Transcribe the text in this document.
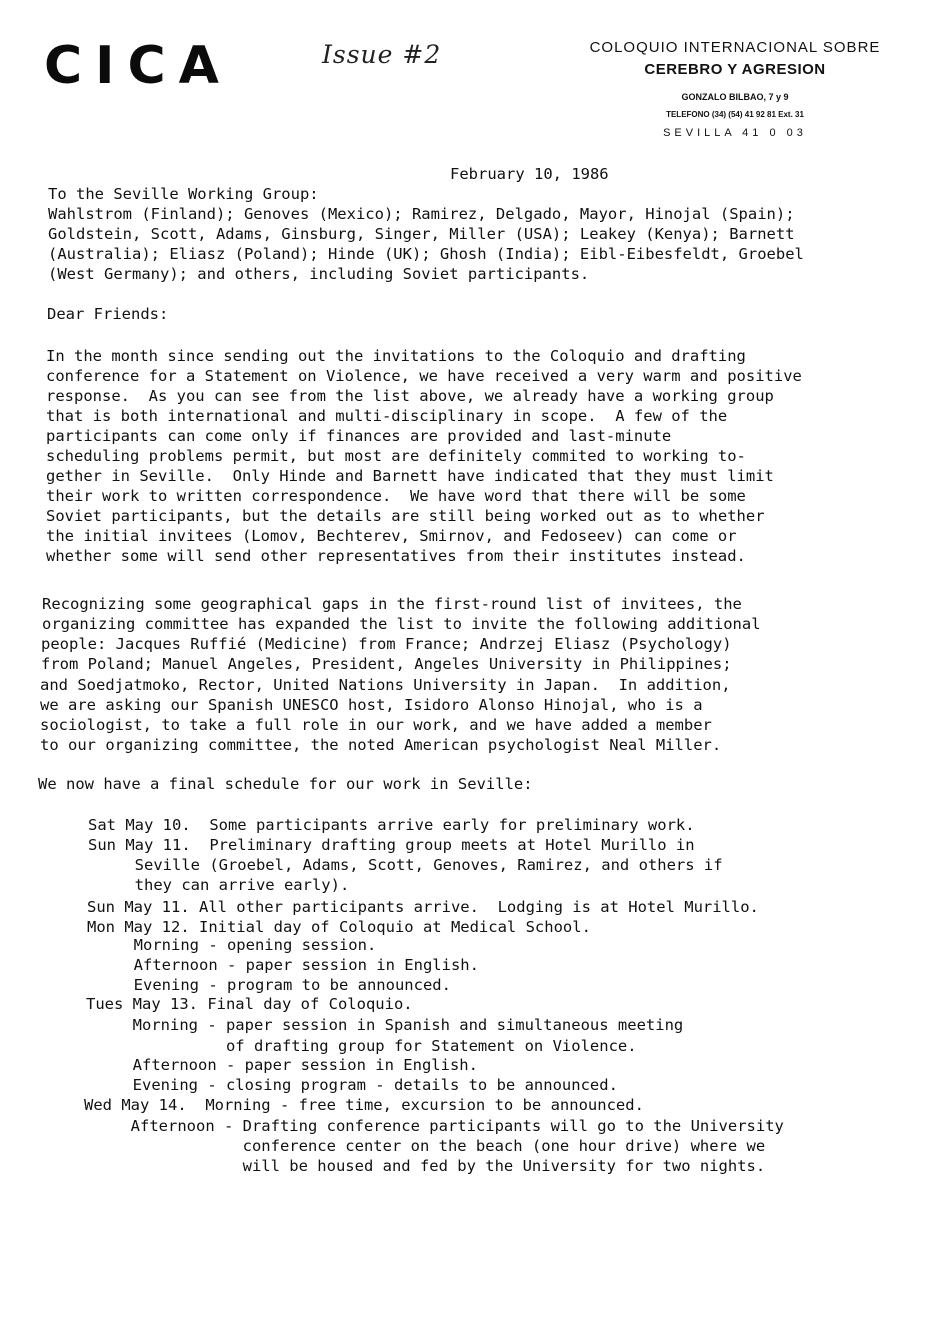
CICA	Issue #2	COLOQUIO INTERNACIONAL SOBRE
CEREBRO Y AGRESION
GONZALO BILBAO, 7 y 9
TELEFONO (34) (54) 41 92 81 Ext. 31
SEVILLA 41 0 03
February 10, 1986
To the Seville Working Group:
Wahlstrom (Finland); Genoves (Mexico); Ramirez, Delgado, Mayor, Hinojal (Spain);
Goldstein, Scott, Adams, Ginsburg, Singer, Miller (USA); Leakey (Kenya); Barnett
(Australia); Eliasz (Poland); Hinde (UK); Ghosh (India); Eibl-Eibesfeldt, Groebel
(West Germany); and others, including Soviet participants.
Dear Friends:
In the month since sending out the invitations to the Coloquio and drafting
conference for a Statement on Violence, we have received a very warm and positive
response.  As you can see from the list above, we already have a working group
that is both international and multi-disciplinary in scope.  A few of the
participants can come only if finances are provided and last-minute
scheduling problems permit, but most are definitely commited to working to-
gether in Seville.  Only Hinde and Barnett have indicated that they must limit
their work to written correspondence.  We have word that there will be some
Soviet participants, but the details are still being worked out as to whether
the initial invitees (Lomov, Bechterev, Smirnov, and Fedoseev) can come or
whether some will send other representatives from their institutes instead.
Recognizing some geographical gaps in the first-round list of invitees, the
organizing committee has expanded the list to invite the following additional
people: Jacques Ruffié (Medicine) from France; Andrzej Eliasz (Psychology)
from Poland; Manuel Angeles, President, Angeles University in Philippines;
and Soedjatmoko, Rector, United Nations University in Japan.  In addition,
we are asking our Spanish UNESCO host, Isidoro Alonso Hinojal, who is a
sociologist, to take a full role in our work, and we have added a member
to our organizing committee, the noted American psychologist Neal Miller.
We now have a final schedule for our work in Seville:
Sat May 10.  Some participants arrive early for preliminary work.
Sun May 11.  Preliminary drafting group meets at Hotel Murillo in
Seville (Groebel, Adams, Scott, Genoves, Ramirez, and others if
they can arrive early).
Sun May 11. All other participants arrive.  Lodging is at Hotel Murillo.
Mon May 12. Initial day of Coloquio at Medical School.
Morning - opening session.
Afternoon - paper session in English.
Evening - program to be announced.
Tues May 13. Final day of Coloquio.
Morning - paper session in Spanish and simultaneous meeting
of drafting group for Statement on Violence.
Afternoon - paper session in English.
Evening - closing program - details to be announced.
Wed May 14.  Morning - free time, excursion to be announced.
Afternoon - Drafting conference participants will go to the University
conference center on the beach (one hour drive) where we
will be housed and fed by the University for two nights.
